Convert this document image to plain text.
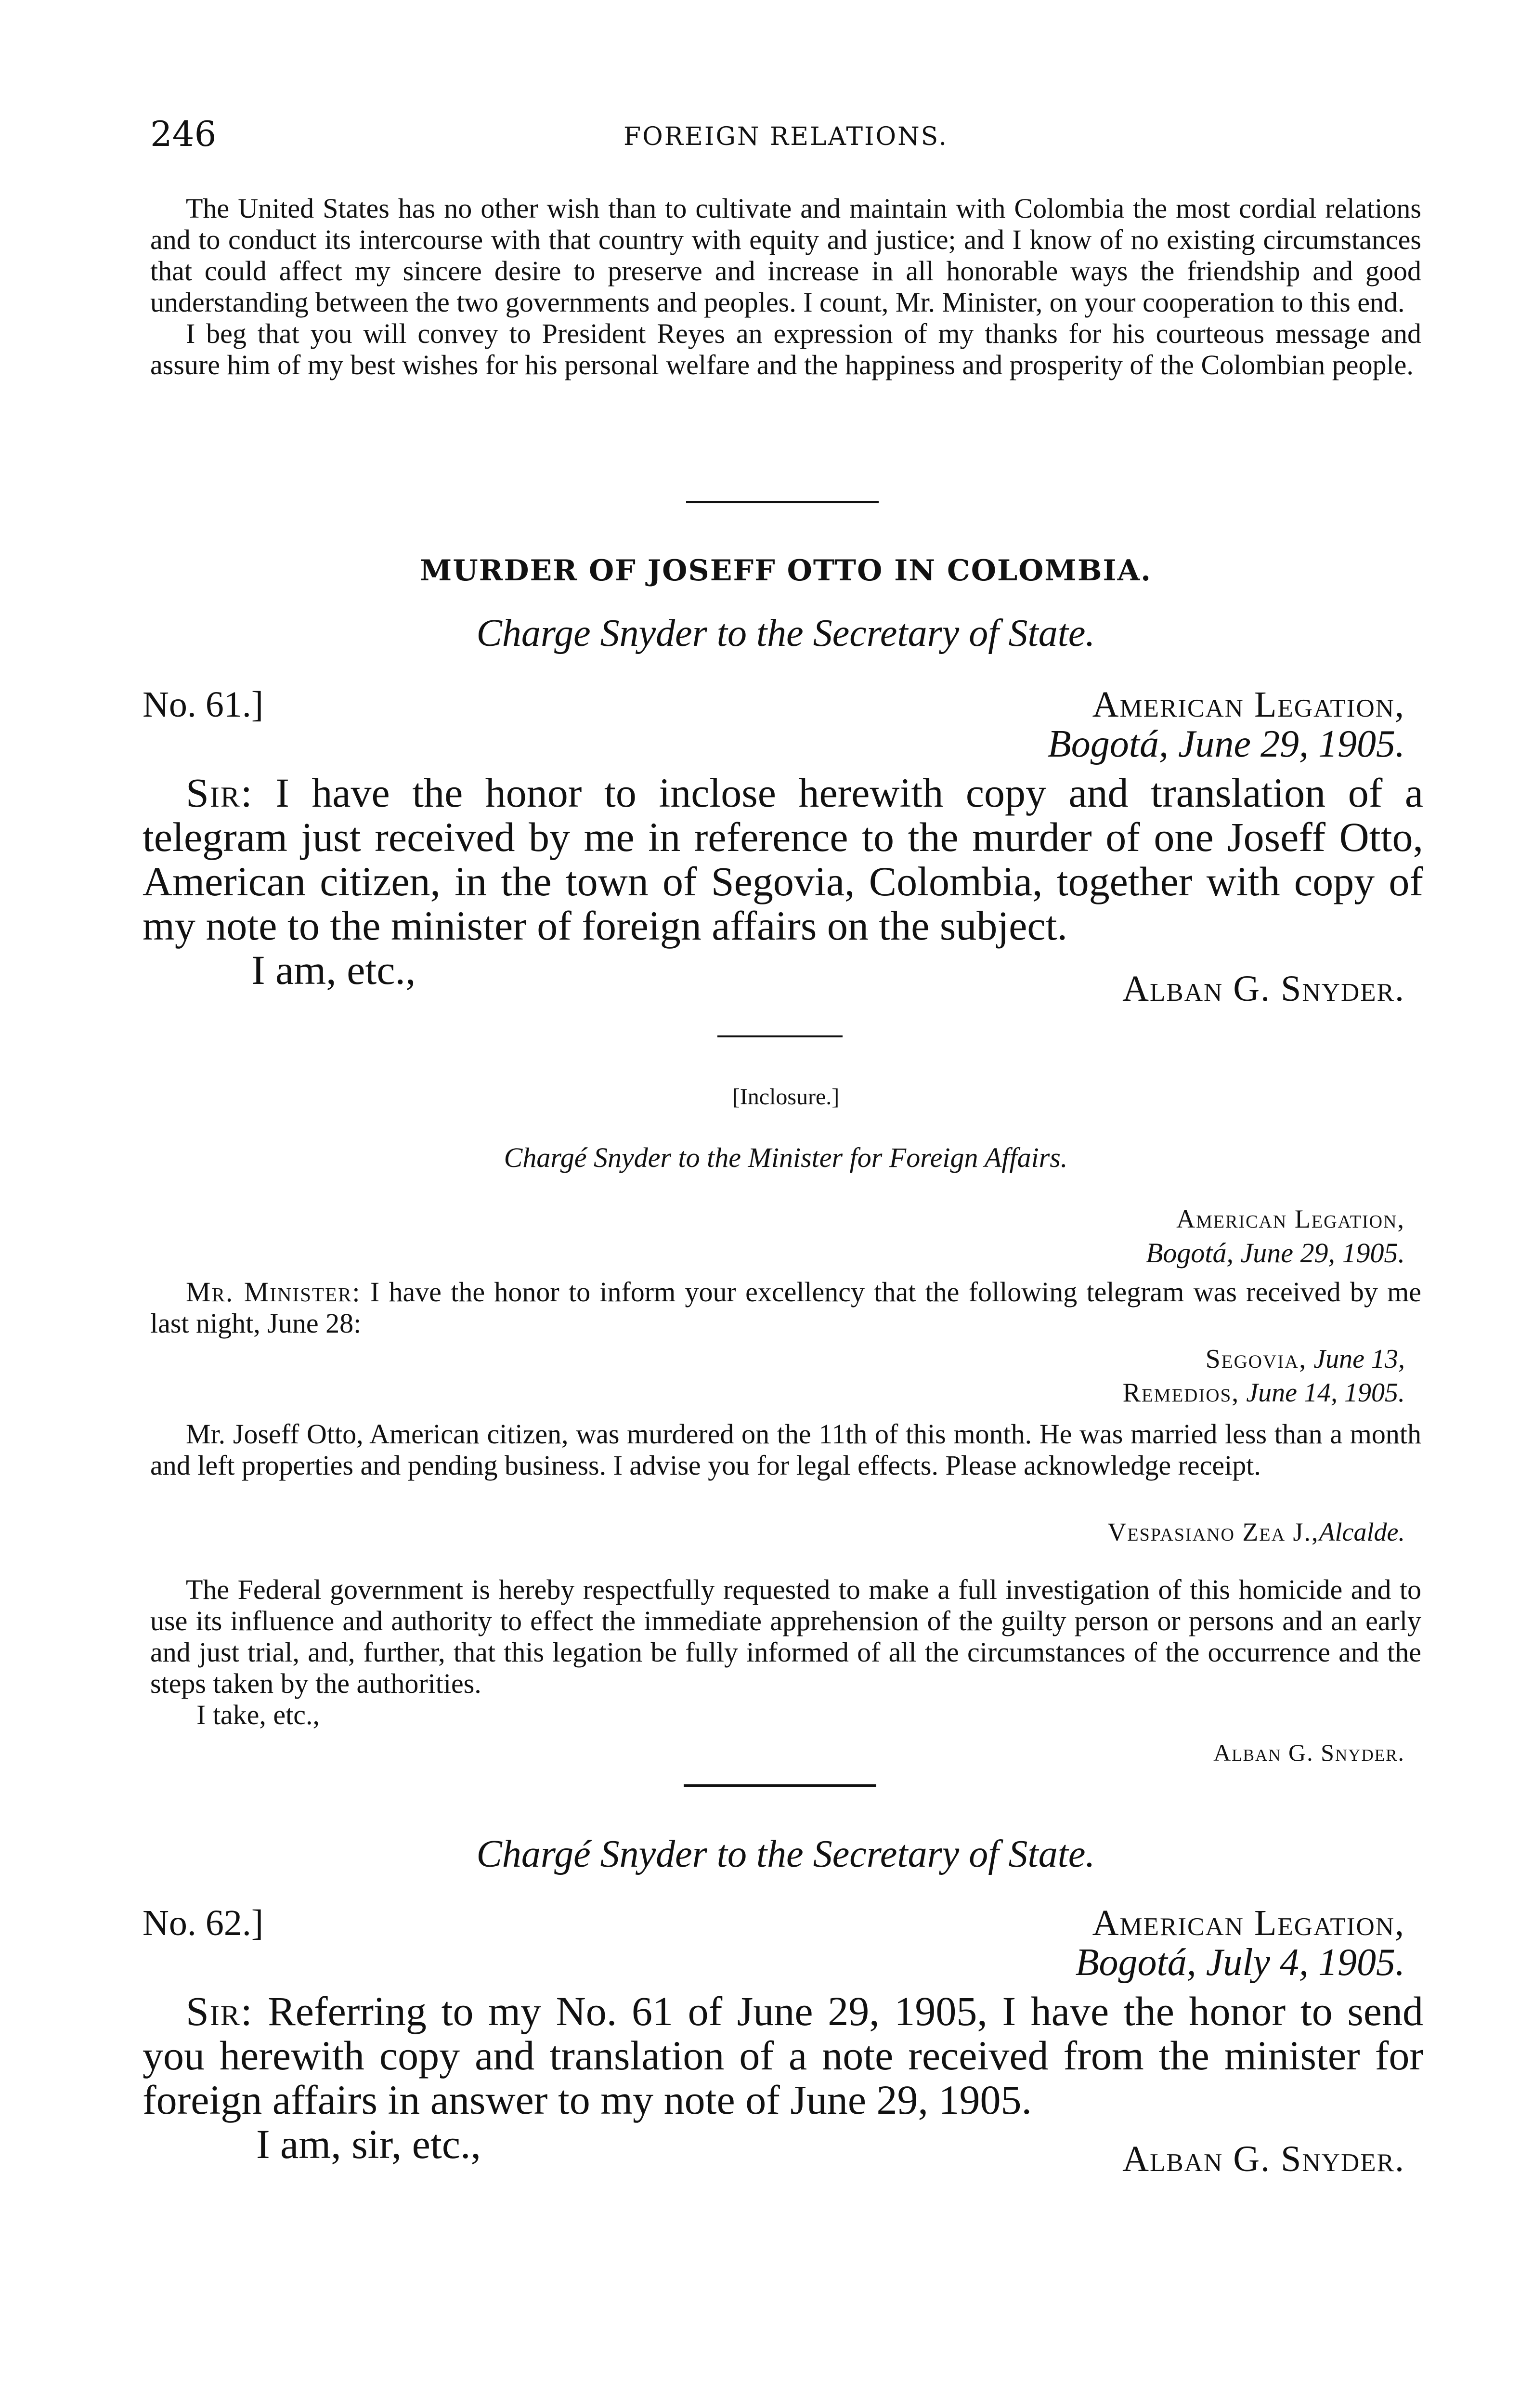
246	FOREIGN RELATIONS.

The United States has no other wish than to cultivate and maintain with Colombia the most cordial relations and to conduct its intercourse with that country with equity and justice; and I know of no existing circumstances that could affect my sincere desire to preserve and increase in all honorable ways the friendship and good understanding between the two governments and peoples. I count, Mr. Minister, on your cooperation to this end.

I beg that you will convey to President Reyes an expression of my thanks for his courteous message and assure him of my best wishes for his personal welfare and the happiness and prosperity of the Colombian people.

MURDER OF JOSEFF OTTO IN COLOMBIA.
Charge Snyder to the Secretary of State.
No. 61.]	American Legation,
Bogotá, June 29, 1905.

Sir: I have the honor to inclose herewith copy and translation of a telegram just received by me in reference to the murder of one Joseff Otto, American citizen, in the town of Segovia, Colombia, together with copy of my note to the minister of foreign affairs on the subject.

I am, etc.,	Alban G. Snyder.
[Inclosure.]
Chargé Snyder to the Minister for Foreign Affairs.
American Legation,
Bogotá, June 29, 1905.

Mr. Minister: I have the honor to inform your excellency that the following telegram was received by me last night, June 28:

Segovia, June 13,
Remedios, June 14, 1905.

Mr. Joseff Otto, American citizen, was murdered on the 11th of this month. He was married less than a month and left properties and pending business. I advise you for legal effects. Please acknowledge receipt.

Vespasiano Zea J.,Alcalde.

The Federal government is hereby respectfully requested to make a full investigation of this homicide and to use its influence and authority to effect the immediate apprehension of the guilty person or persons and an early and just trial, and, further, that this legation be fully informed of all the circumstances of the occurrence and the steps taken by the authorities.

I take, etc.,

Alban G. Snyder.
Chargé Snyder to the Secretary of State.
No. 62.]	American Legation,
Bogotá, July 4, 1905.

Sir: Referring to my No. 61 of June 29, 1905, I have the honor to send you herewith copy and translation of a note received from the minister for foreign affairs in answer to my note of June 29, 1905.

I am, sir, etc.,	Alban G. Snyder.
